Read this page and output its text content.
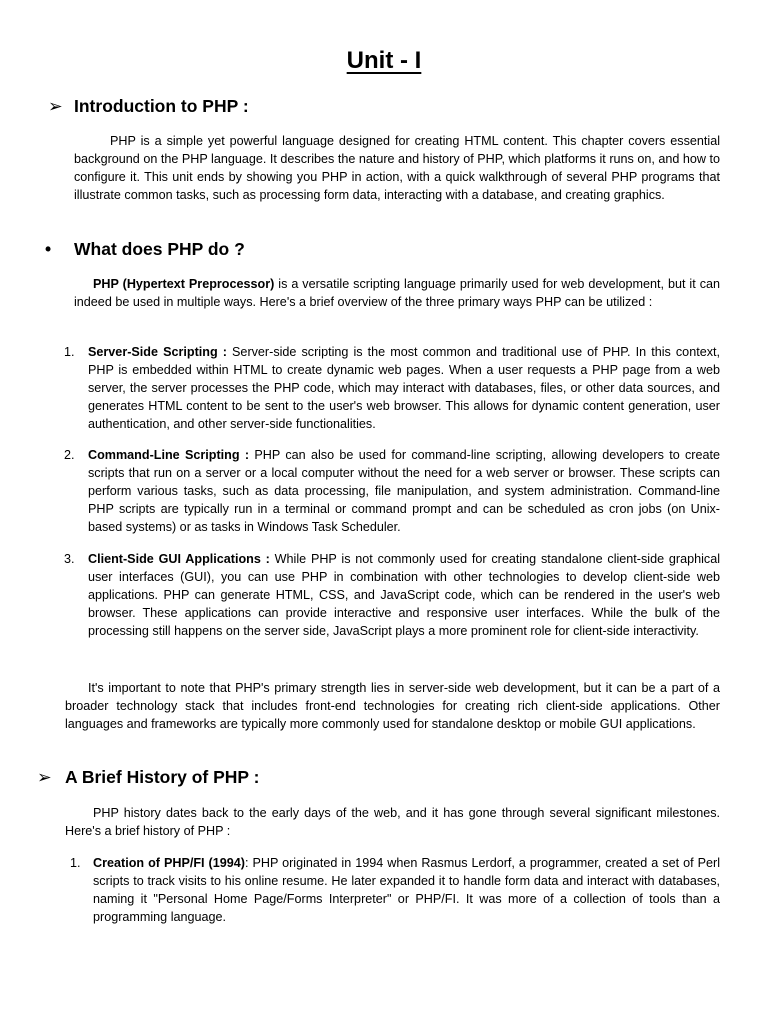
Unit - I
➢ Introduction to PHP :
PHP is a simple yet powerful language designed for creating HTML content. This chapter covers essential background on the PHP language. It describes the nature and history of PHP, which platforms it runs on, and how to configure it. This unit ends by showing you PHP in action, with a quick walkthrough of several PHP programs that illustrate common tasks, such as processing form data, interacting with a database, and creating graphics.
• What does PHP do ?
PHP (Hypertext Preprocessor) is a versatile scripting language primarily used for web development, but it can indeed be used in multiple ways. Here's a brief overview of the three primary ways PHP can be utilized :
1. Server-Side Scripting : Server-side scripting is the most common and traditional use of PHP. In this context, PHP is embedded within HTML to create dynamic web pages. When a user requests a PHP page from a web server, the server processes the PHP code, which may interact with databases, files, or other data sources, and generates HTML content to be sent to the user's web browser. This allows for dynamic content generation, user authentication, and other server-side functionalities.
2. Command-Line Scripting : PHP can also be used for command-line scripting, allowing developers to create scripts that run on a server or a local computer without the need for a web server or browser. These scripts can perform various tasks, such as data processing, file manipulation, and system administration. Command-line PHP scripts are typically run in a terminal or command prompt and can be scheduled as cron jobs (on Unix-based systems) or as tasks in Windows Task Scheduler.
3. Client-Side GUI Applications : While PHP is not commonly used for creating standalone client-side graphical user interfaces (GUI), you can use PHP in combination with other technologies to develop client-side web applications. PHP can generate HTML, CSS, and JavaScript code, which can be rendered in the user's web browser. These applications can provide interactive and responsive user interfaces. While the bulk of the processing still happens on the server side, JavaScript plays a more prominent role for client-side interactivity.
It's important to note that PHP's primary strength lies in server-side web development, but it can be a part of a broader technology stack that includes front-end technologies for creating rich client-side applications. Other languages and frameworks are typically more commonly used for standalone desktop or mobile GUI applications.
➢ A Brief History of PHP :
PHP history dates back to the early days of the web, and it has gone through several significant milestones. Here's a brief history of PHP :
1. Creation of PHP/FI (1994): PHP originated in 1994 when Rasmus Lerdorf, a programmer, created a set of Perl scripts to track visits to his online resume. He later expanded it to handle form data and interact with databases, naming it "Personal Home Page/Forms Interpreter" or PHP/FI. It was more of a collection of tools than a programming language.
